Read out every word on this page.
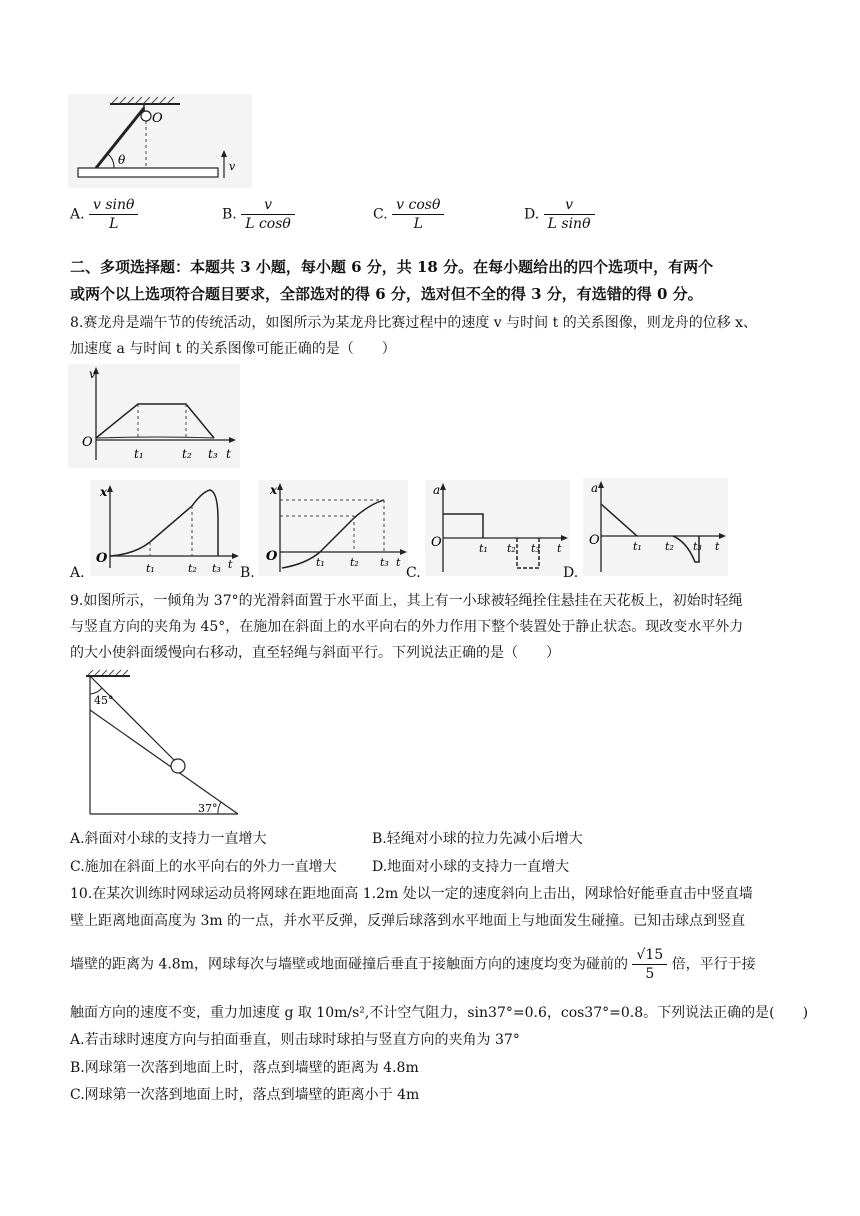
O
θ	v
A. $\frac{\text{v sinθ}}{L}$	B. $\frac{v}{\text{L cosθ}}$	C. $\frac{\text{v cosθ}}{L}$	D. $\frac{v}{\text{L sinθ}}$
二、多项选择题：本题共 3 小题，每小题 6 分，共 18 分。在每小题给出的四个选项中，有两个
或两个以上选项符合题目要求，全部选对的得 6 分，选对但不全的得 3 分，有选错的得 0 分。
8.赛龙舟是端午节的传统活动，如图所示为某龙舟比赛过程中的速度 v 与时间 t 的关系图像，则龙舟的位移 x、
加速度 a 与时间 t 的关系图像可能正确的是（　　）
v
O
t₁	t₂ t₃ t
A.
x
O
t₁	t₂ t₃ t
B.
x
O	t₁ t₂ t₃ t
C.
a
O	t₁ t₂ t₃ t
D.
a
O	t₁ t₂ t₃ t
9.如图所示，一倾角为 37°的光滑斜面置于水平面上，其上有一小球被轻绳拴住悬挂在天花板上，初始时轻绳
与竖直方向的夹角为 45°，在施加在斜面上的水平向右的外力作用下整个装置处于静止状态。现改变水平外力
的大小使斜面缓慢向右移动，直至轻绳与斜面平行。下列说法正确的是（　　）
45°
37°
A.斜面对小球的支持力一直增大	B.轻绳对小球的拉力先减小后增大
C.施加在斜面上的水平向右的外力一直增大	D.地面对小球的支持力一直增大
10.在某次训练时网球运动员将网球在距地面高 1.2m 处以一定的速度斜向上击出，网球恰好能垂直击中竖直墙
壁上距离地面高度为 3m 的一点，并水平反弹，反弹后球落到水平地面上与地面发生碰撞。已知击球点到竖直
墙壁的距离为 4.8m，网球每次与墙壁或地面碰撞后垂直于接触面方向的速度均变为碰前的 $\frac{√15}{5}$ 倍，平行于接
触面方向的速度不变，重力加速度 g 取 10m/s²,不计空气阻力，sin37°=0.6，cos37°=0.8。下列说法正确的是(　　)
A.若击球时速度方向与拍面垂直，则击球时球拍与竖直方向的夹角为 37°
B.网球第一次落到地面上时，落点到墙壁的距离为 4.8m
C.网球第一次落到地面上时，落点到墙壁的距离小于 4m
